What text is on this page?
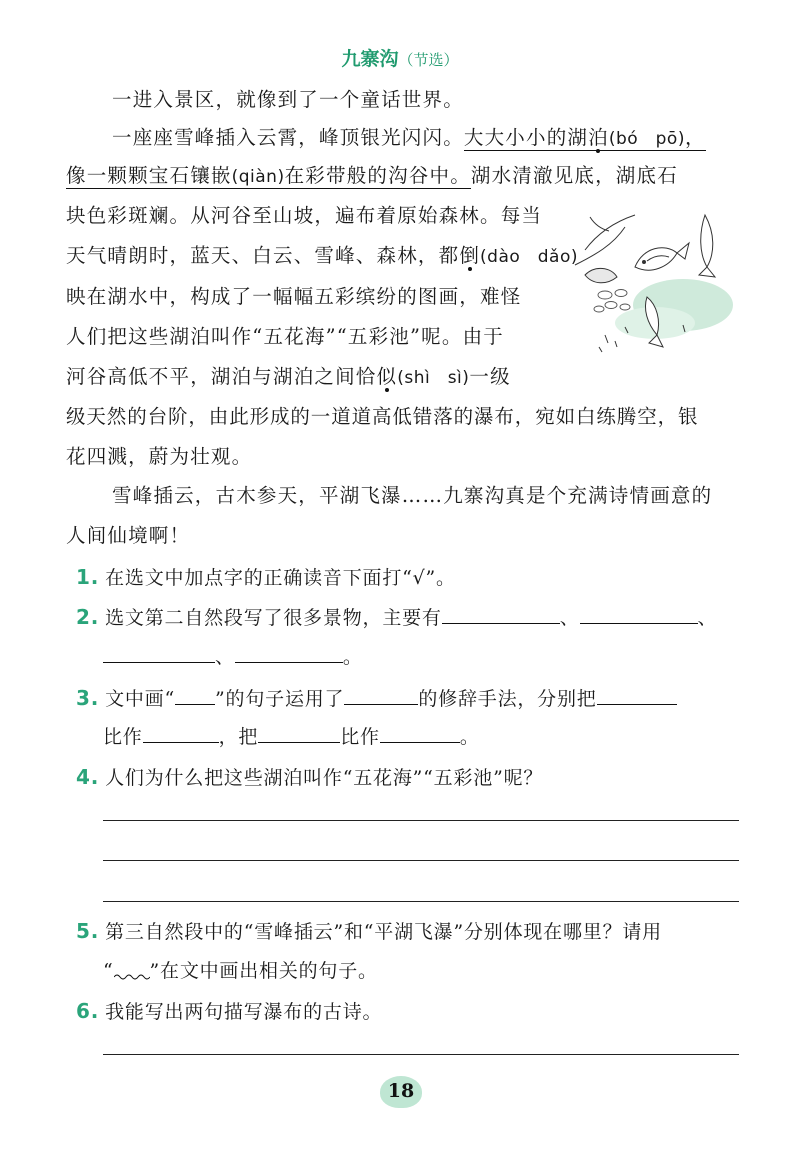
九寨沟（节选）
一进入景区，就像到了一个童话世界。
一座座雪峰插入云霄，峰顶银光闪闪。大大小小的湖泊(bó　pō)，
像一颗颗宝石镶嵌(qiàn)在彩带般的沟谷中。湖水清澈见底，湖底石
块色彩斑斓。从河谷至山坡，遍布着原始森林。每当
天气晴朗时，蓝天、白云、雪峰、森林，都倒(dào　dǎo)
映在湖水中，构成了一幅幅五彩缤纷的图画，难怪
人们把这些湖泊叫作“五花海”“五彩池”呢。由于
河谷高低不平，湖泊与湖泊之间恰似(shì　sì)一级
级天然的台阶，由此形成的一道道高低错落的瀑布，宛如白练腾空，银
花四溅，蔚为壮观。
雪峰插云，古木参天，平湖飞瀑……九寨沟真是个充满诗情画意的
人间仙境啊！
1. 在选文中加点字的正确读音下面打“√”。
2. 选文第二自然段写了很多景物，主要有	、	、
、	。
3. 文中画“ ”的句子运用了	的修辞手法，分别把
比作	，把	比作	。
4. 人们为什么把这些湖泊叫作“五花海”“五彩池”呢？
5. 第三自然段中的“雪峰插云”和“平湖飞瀑”分别体现在哪里？请用
“ ”在文中画出相关的句子。
6. 我能写出两句描写瀑布的古诗。
18
